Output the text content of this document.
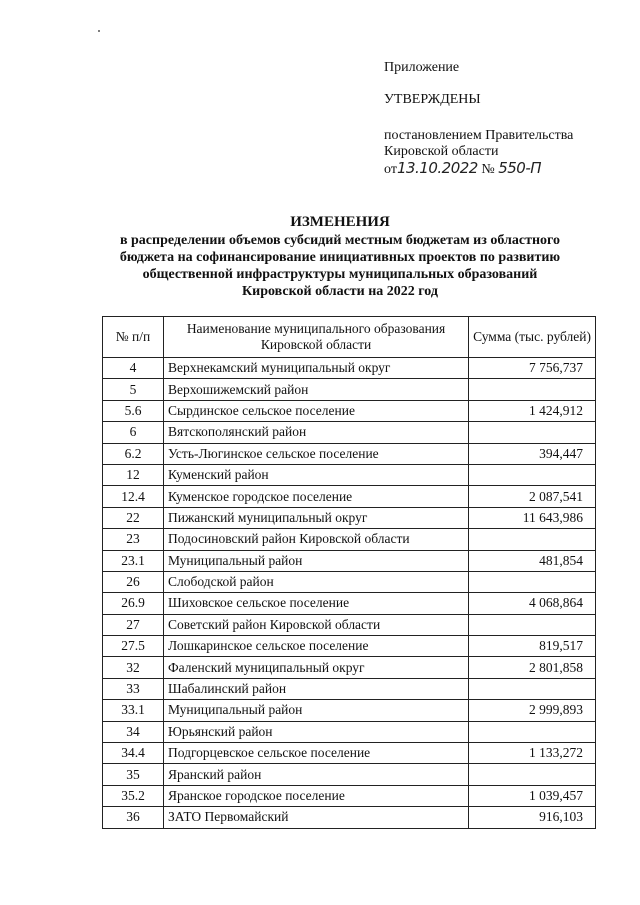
Приложение
УТВЕРЖДЕНЫ
постановлением Правительства
Кировской области
от13.10.2022 № 550-П
ИЗМЕНЕНИЯ
в распределении объемов субсидий местным бюджетам из областного
бюджета на софинансирование инициативных проектов по развитию
общественной инфраструктуры муниципальных образований
Кировской области на 2022 год
№ п/п	Наименование муниципального образования Кировской области	Сумма (тыс. рублей)
4	Верхнекамский муниципальный округ	7 756,737
5	Верхошижемский район	
5.6	Сырдинское сельское поселение	1 424,912
6	Вятскополянский район	
6.2	Усть-Люгинское сельское поселение	394,447
12	Куменский район	
12.4	Куменское городское поселение	2 087,541
22	Пижанский муниципальный округ	11 643,986
23	Подосиновский район Кировской области	
23.1	Муниципальный район	481,854
26	Слободской район	
26.9	Шиховское сельское поселение	4 068,864
27	Советский район Кировской области	
27.5	Лошкаринское сельское поселение	819,517
32	Фаленский муниципальный округ	2 801,858
33	Шабалинский район	
33.1	Муниципальный район	2 999,893
34	Юрьянский район	
34.4	Подгорцевское сельское поселение	1 133,272
35	Яранский район	
35.2	Яранское городское поселение	1 039,457
36	ЗАТО Первомайский	916,103
